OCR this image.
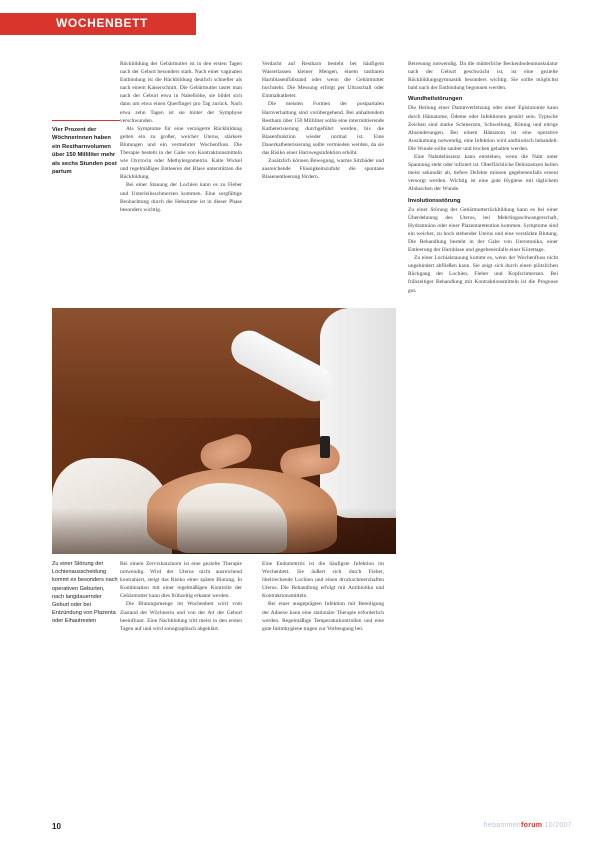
WOCHENBETT
Vier Prozent der Wöchnerinnen haben ein Restharnvolumen über 150 Milliliter mehr als sechs Stunden post partum

Rückbildung der Gebärmutter ist in den ersten Tagen nach der Geburt besonders stark. Nach einer vaginalen Entbindung ist die Rückbildung deutlich schneller als nach einem Kaiserschnitt. Die Gebärmutter tastet man nach der Geburt etwa in Nabelhöhe, sie bildet sich dann um etwa einen Querfinger pro Tag zurück. Nach etwa zehn Tagen ist sie hinter der Symphyse verschwunden.

Als Symptome für eine verzögerte Rückbildung gelten ein zu großer, weicher Uterus, stärkere Blutungen und ein vermehrter Wochenfluss. Die Therapie besteht in der Gabe von Kontraktionsmitteln wie Oxytocin oder Methylergometrin. Kalte Wickel und regelmäßiges Entleeren der Blase unterstützen die Rückbildung.

Bei einer Stauung der Lochien kann es zu Fieber und Unterleibsschmerzen kommen. Eine sorgfältige Beobachtung durch die Hebamme ist in dieser Phase besonders wichtig.

Verdacht auf Restharn besteht bei häufigem Wasserlassen kleiner Mengen, einem tastbaren Harnblasenfüllstand oder wenn die Gebärmutter hochsteht. Die Messung erfolgt per Ultraschall oder Einmalkatheter.

Die meisten Formen der postpartalen Harnverhaltung sind vorübergehend. Bei anhaltendem Restharn über 150 Milliliter sollte eine intermittierende Katheterisierung durchgeführt werden, bis die Blasenfunktion wieder normal ist. Eine Dauerkatheterisierung sollte vermieden werden, da sie das Risiko einer Harnwegsinfektion erhöht.

Zusätzlich können Bewegung, warme Sitzbäder und ausreichende Flüssigkeitszufuhr die spontane Blasenentleerung fördern.

Betreuung notwendig. Da die mütterliche Beckenbodenmuskulatur nach der Geburt geschwächt ist, ist eine gezielte Rückbildungsgymnastik besonders wichtig. Sie sollte möglichst bald nach der Entbindung begonnen werden.

Wundheilstörungen

Die Heilung einer Dammverletzung oder einer Episiotomie kann durch Hämatome, Ödeme oder Infektionen gestört sein. Typische Zeichen sind starke Schmerzen, Schwellung, Rötung und eitrige Absonderungen. Bei einem Hämatom ist eine operative Ausräumung notwendig, eine Infektion wird antibiotisch behandelt. Die Wunde sollte sauber und trocken gehalten werden.

Eine Nahtdehiszenz kann entstehen, wenn die Naht unter Spannung steht oder infiziert ist. Oberflächliche Dehiszenzen heilen meist sekundär ab, tiefere Defekte müssen gegebenenfalls erneut versorgt werden. Wichtig ist eine gute Hygiene mit täglichem Abduschen der Wunde.

Involutionsstörung

Zu einer Störung der Gebärmutterrückbildung kann es bei einer Überdehnung des Uterus, bei Mehrlingsschwangerschaft, Hydramnion oder einer Plazentaretention kommen. Symptome sind ein weicher, zu hoch stehender Uterus und eine verstärkte Blutung. Die Behandlung besteht in der Gabe von Uterotonika, einer Entleerung der Harnblase und gegebenenfalls einer Kürettage.

Zu einer Lochialstauung kommt es, wenn der Wochenfluss nicht ungehindert abfließen kann. Sie zeigt sich durch einen plötzlichen Rückgang der Lochien, Fieber und Kopfschmerzen. Bei frühzeitiger Behandlung mit Kontraktionsmitteln ist die Prognose gut.

Zu einer Störung der Lochienausscheidung kommt es besonders nach operativen Geburten, nach langdauernder Geburt oder bei Entzündung von Plazenta oder Eihautresten

Bei einem Zervixkarzinom ist eine gezielte Therapie notwendig. Wird der Uterus nicht ausreichend kontrahiert, steigt das Risiko einer späten Blutung. In Kombination mit einer regelmäßigen Kontrolle der Gebärmutter kann dies frühzeitig erkannt werden.

Die Blutungsmenge im Wochenbett wird vom Zustand der Wöchnerin und von der Art der Geburt beeinflusst. Eine Nachblutung tritt meist in den ersten Tagen auf und wird sonographisch abgeklärt.

Eine Endometritis ist die häufigste Infektion im Wochenbett. Sie äußert sich durch Fieber, übelriechende Lochien und einen druckschmerzhaften Uterus. Die Behandlung erfolgt mit Antibiotika und Kontraktionsmitteln.

Bei einer ausgeprägten Infektion mit Beteiligung der Adnexe kann eine stationäre Therapie erforderlich werden. Regelmäßige Temperaturkontrollen und eine gute Intimhygiene tragen zur Vorbeugung bei.

10	hebammenforum 10/2007
